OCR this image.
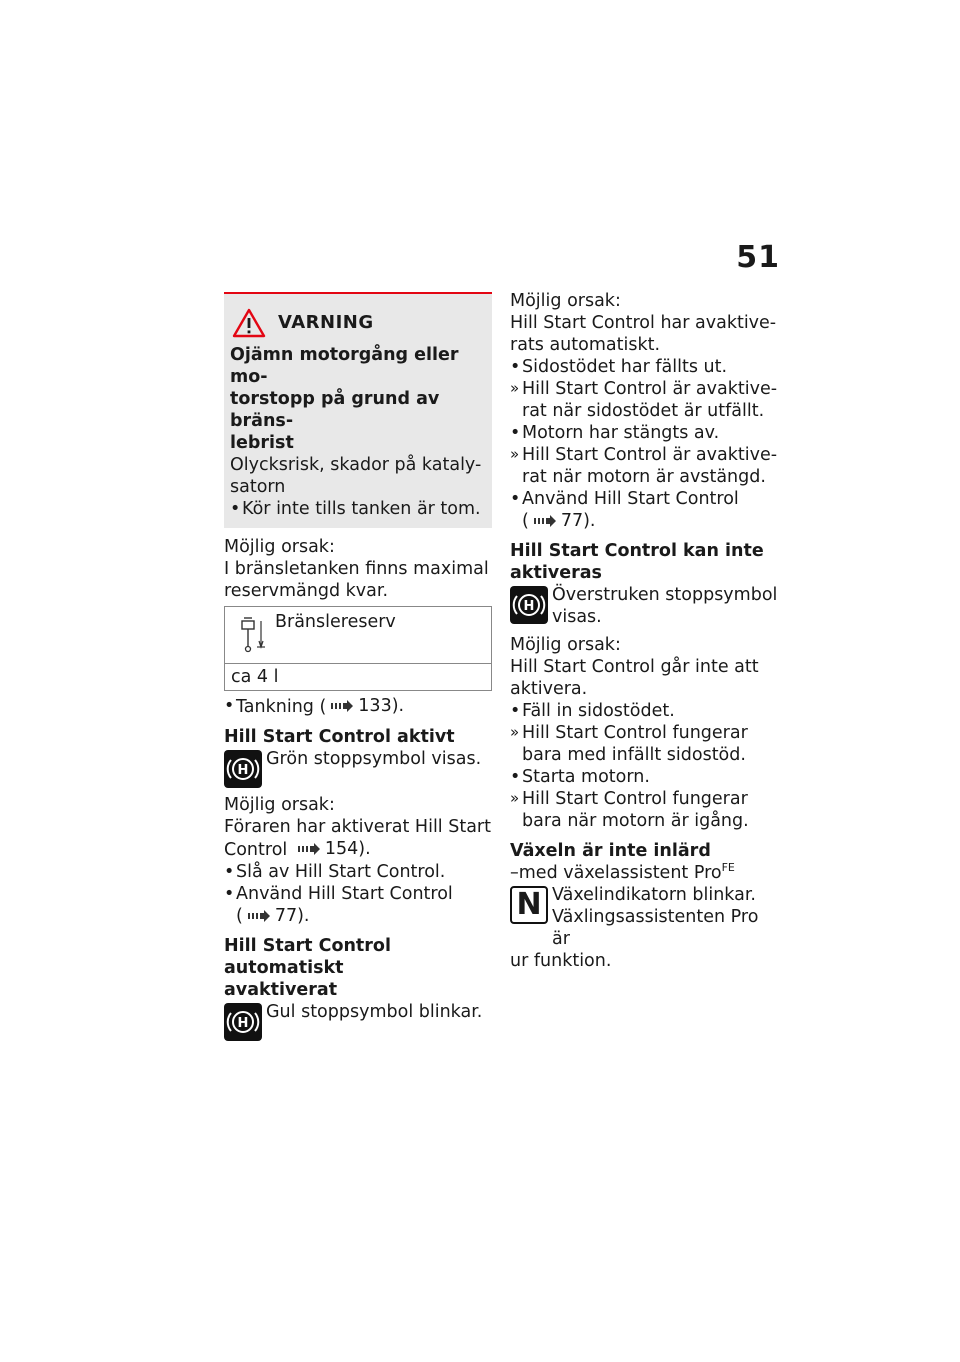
51
VARNING
Ojämn motorgång eller mo-
torstopp på grund av bräns-
lebrist
Olycksrisk, skador på kataly-
satorn
• Kör inte tills tanken är tom.
Möjlig orsak:
I bränsletanken finns maximal
reservmängd kvar.
Bränslereserv
ca 4 l
• Tankning ( 133).
Hill Start Control aktivt
H
Grön stoppsymbol visas.
Möjlig orsak:
Föraren har aktiverat Hill Start
Control 154).
• Slå av Hill Start Control.
• Använd Hill Start Control
( 77).
Hill Start Control automatiskt
avaktiverat
H
Gul stoppsymbol blinkar.
Möjlig orsak:
Hill Start Control har avaktive-
rats automatiskt.
• Sidostödet har fällts ut.
» Hill Start Control är avaktive-
rat när sidostödet är utfällt.
• Motorn har stängts av.
» Hill Start Control är avaktive-
rat när motorn är avstängd.
• Använd Hill Start Control
( 77).
Hill Start Control kan inte
aktiveras
H
Överstruken stoppsymbol
visas.
Möjlig orsak:
Hill Start Control går inte att
aktivera.
• Fäll in sidostödet.
» Hill Start Control fungerar
bara med infällt sidostöd.
• Starta motorn.
» Hill Start Control fungerar
bara när motorn är igång.
Växeln är inte inlärd
–med växelassistent Pro$^{FE}$
N Växelindikatorn blinkar.
Växlingsassistenten Pro är
ur funktion.
